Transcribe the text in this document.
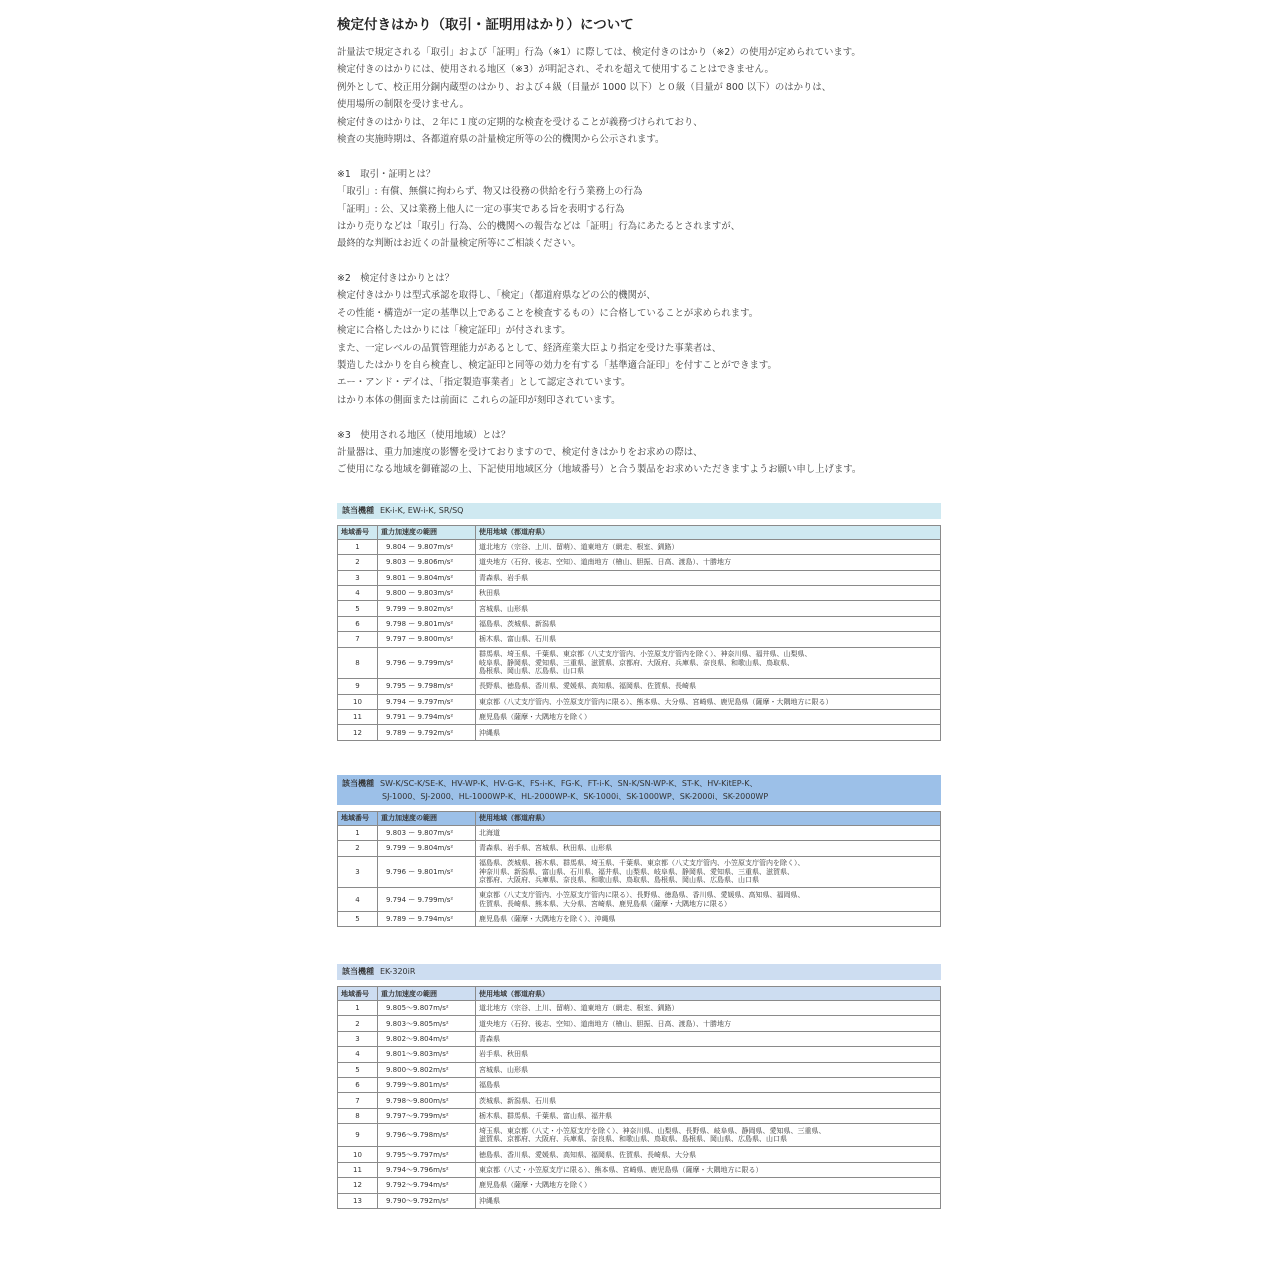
検定付きはかり（取引・証明用はかり）について
計量法で規定される「取引」および「証明」行為（※1）に際しては、検定付きのはかり（※2）の使用が定められています。
検定付きのはかりには、使用される地区（※3）が明記され、それを超えて使用することはできません。
例外として、校正用分銅内蔵型のはかり、および４級（目量が 1000 以下）と０級（目量が 800 以下）のはかりは、
使用場所の制限を受けません。
検定付きのはかりは、２年に１度の定期的な検査を受けることが義務づけられており、
検査の実施時期は、各都道府県の計量検定所等の公的機関から公示されます。
※1　取引・証明とは？
「取引」: 有償、無償に拘わらず、物又は役務の供給を行う業務上の行為
「証明」: 公、又は業務上他人に一定の事実である旨を表明する行為
はかり売りなどは「取引」行為、公的機関への報告などは「証明」行為にあたるとされますが、
最終的な判断はお近くの計量検定所等にご相談ください。
※2　検定付きはかりとは？
検定付きはかりは型式承認を取得し、「検定」（都道府県などの公的機関が、
その性能・構造が一定の基準以上であることを検査するもの）に合格していることが求められます。
検定に合格したはかりには「検定証印」が付されます。
また、一定レベルの品質管理能力があるとして、経済産業大臣より指定を受けた事業者は、
製造したはかりを自ら検査し、検定証印と同等の効力を有する「基準適合証印」を付すことができます。
エー・アンド・デイは、「指定製造事業者」として認定されています。
はかり本体の側面または前面に これらの証印が刻印されています。
※3　使用される地区（使用地域）とは？
計量器は、重力加速度の影響を受けておりますので、検定付きはかりをお求めの際は、
ご使用になる地域を御確認の上、下記使用地域区分（地域番号）と合う製品をお求めいただきますようお願い申し上げます。
該当機種 EK-i-K, EW-i-K, SR/SQ
地域番号	重力加速度の範囲	使用地域（都道府県）
1	9.804 ー 9.807m/s²	道北地方（宗谷、上川、留萌）、道東地方（網走、根室、釧路）

2	9.803 ー 9.806m/s²	道央地方（石狩、後志、空知）、道南地方（檜山、胆振、日高、渡島）、十勝地方

3	9.801 ー 9.804m/s²	青森県、岩手県

4	9.800 ー 9.803m/s²	秋田県

5	9.799 ー 9.802m/s²	宮城県、山形県

6	9.798 ー 9.801m/s²	福島県、茨城県、新潟県

7	9.797 ー 9.800m/s²	栃木県、富山県、石川県

8	9.796 ー 9.799m/s²	群馬県、埼玉県、千葉県、東京都（八丈支庁管内、小笠原支庁管内を除く）、神奈川県、福井県、山梨県、
岐阜県、静岡県、愛知県、三重県、滋賀県、京都府、大阪府、兵庫県、奈良県、和歌山県、鳥取県、
島根県、岡山県、広島県、山口県

9	9.795 ー 9.798m/s²	長野県、徳島県、香川県、愛媛県、高知県、福岡県、佐賀県、長崎県

10	9.794 ー 9.797m/s²	東京都（八丈支庁管内、小笠原支庁管内に限る）、熊本県、大分県、宮崎県、鹿児島県（薩摩・大隅地方に限る）

11	9.791 ー 9.794m/s²	鹿児島県（薩摩・大隅地方を除く）

12	9.789 ー 9.792m/s²	沖縄県
該当機種 SW-K/SC-K/SE-K、HV-WP-K、HV-G-K、FS-i-K、FG-K、FT-i-K、SN-K/SN-WP-K、ST-K、HV-KitEP-K、
SJ-1000、SJ-2000、HL-1000WP-K、HL-2000WP-K、SK-1000i、SK-1000WP、SK-2000i、SK-2000WP
地域番号	重力加速度の範囲	使用地域（都道府県）
1	9.803 ー 9.807m/s²	北海道

2	9.799 ー 9.804m/s²	青森県、岩手県、宮城県、秋田県、山形県

3	9.796 ー 9.801m/s²	福島県、茨城県、栃木県、群馬県、埼玉県、千葉県、東京都（八丈支庁管内、小笠原支庁管内を除く）、
神奈川県、新潟県、富山県、石川県、福井県、山梨県、岐阜県、静岡県、愛知県、三重県、滋賀県、
京都府、大阪府、兵庫県、奈良県、和歌山県、鳥取県、島根県、岡山県、広島県、山口県

4	9.794 ー 9.799m/s²	東京都（八丈支庁管内、小笠原支庁管内に限る）、長野県、徳島県、香川県、愛媛県、高知県、福岡県、
佐賀県、長崎県、熊本県、大分県、宮崎県、鹿児島県（薩摩・大隅地方に限る）

5	9.789 ー 9.794m/s²	鹿児島県（薩摩・大隅地方を除く）、沖縄県
該当機種 EK-320iR
地域番号	重力加速度の範囲	使用地域（都道府県）
1	9.805〜9.807m/s²	道北地方（宗谷、上川、留萌）、道東地方（網走、根室、釧路）

2	9.803〜9.805m/s²	道央地方（石狩、後志、空知）、道南地方（檜山、胆振、日高、渡島）、十勝地方

3	9.802〜9.804m/s²	青森県

4	9.801〜9.803m/s²	岩手県、秋田県

5	9.800〜9.802m/s²	宮城県、山形県

6	9.799〜9.801m/s²	福島県

7	9.798〜9.800m/s²	茨城県、新潟県、石川県

8	9.797〜9.799m/s²	栃木県、群馬県、千葉県、富山県、福井県

9	9.796〜9.798m/s²	埼玉県、東京都（八丈・小笠原支庁を除く）、神奈川県、山梨県、長野県、岐阜県、静岡県、愛知県、三重県、
滋賀県、京都府、大阪府、兵庫県、奈良県、和歌山県、鳥取県、島根県、岡山県、広島県、山口県

10	9.795〜9.797m/s²	徳島県、香川県、愛媛県、高知県、福岡県、佐賀県、長崎県、大分県

11	9.794〜9.796m/s²	東京都（八丈・小笠原支庁に限る）、熊本県、宮崎県、鹿児島県（薩摩・大隅地方に限る）

12	9.792〜9.794m/s²	鹿児島県（薩摩・大隅地方を除く）

13	9.790〜9.792m/s²	沖縄県
